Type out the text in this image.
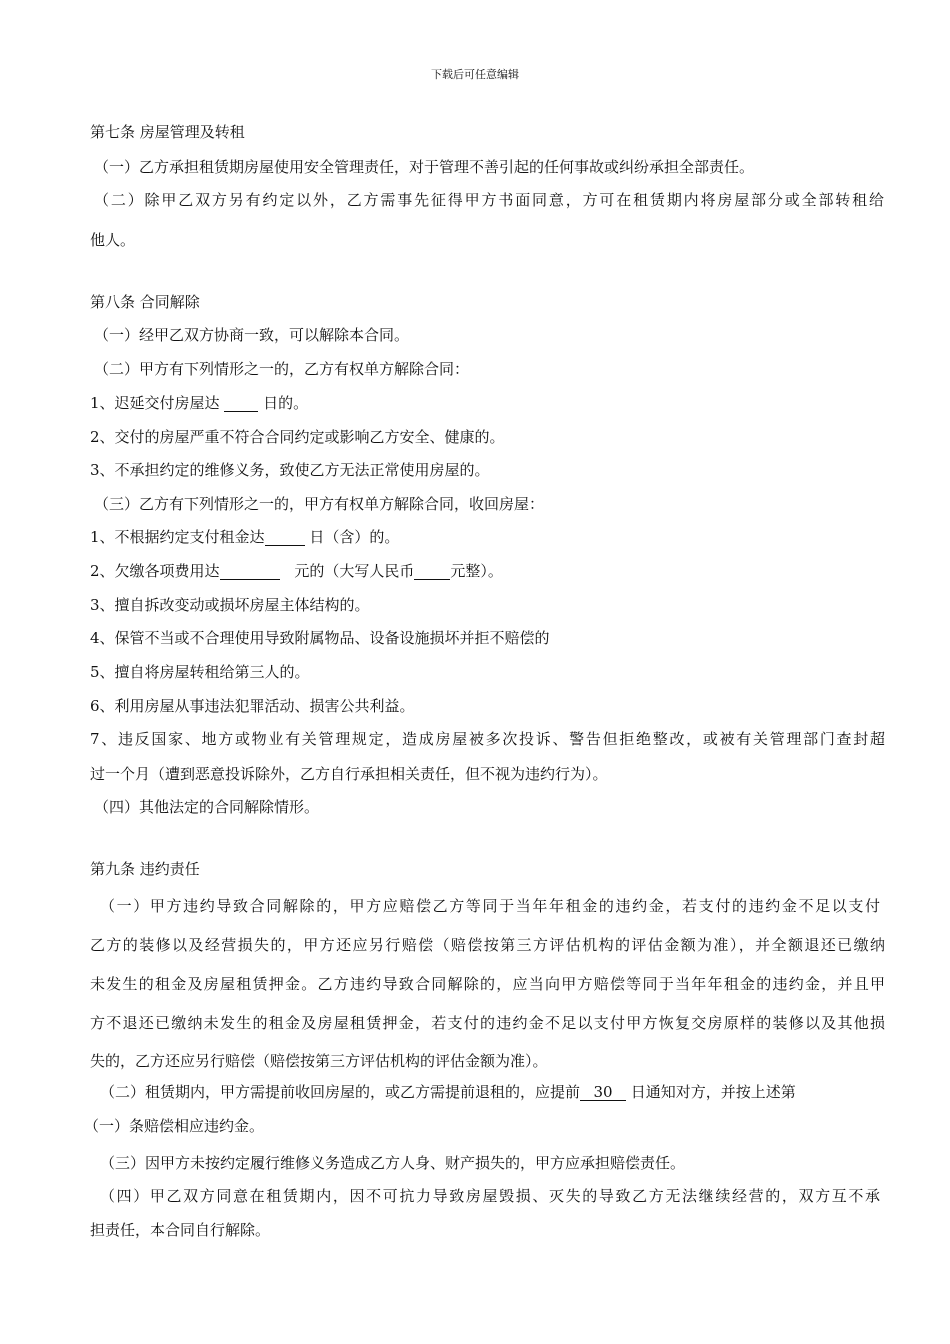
下载后可任意编辑
第七条 房屋管理及转租
（一）乙方承担租赁期房屋使用安全管理责任，对于管理不善引起的任何事故或纠纷承担全部责任。
（二）除甲乙双方另有约定以外，乙方需事先征得甲方书面同意，方可在租赁期内将房屋部分或全部转租给
他人。
第八条 合同解除
（一）经甲乙双方协商一致，可以解除本合同。
（二）甲方有下列情形之一的，乙方有权单方解除合同：
1、迟延交付房屋达   日的。
2、交付的房屋严重不符合合同约定或影响乙方安全、健康的。
3、不承担约定的维修义务，致使乙方无法正常使用房屋的。
（三）乙方有下列情形之一的，甲方有权单方解除合同，收回房屋：
1、不根据约定支付租金达	日（含）的。
2、欠缴各项费用达	元的（大写人民币 元整）。
3、擅自拆改变动或损坏房屋主体结构的。
4、保管不当或不合理使用导致附属物品、设备设施损坏并拒不赔偿的
5、擅自将房屋转租给第三人的。
6、利用房屋从事违法犯罪活动、损害公共利益。
7、违反国家、地方或物业有关管理规定，造成房屋被多次投诉、警告但拒绝整改，或被有关管理部门查封超
过一个月（遭到恶意投诉除外，乙方自行承担相关责任，但不视为违约行为）。
（四）其他法定的合同解除情形。
第九条 违约责任
（一）甲方违约导致合同解除的，甲方应赔偿乙方等同于当年年租金的违约金，若支付的违约金不足以支付
乙方的装修以及经营损失的，甲方还应另行赔偿（赔偿按第三方评估机构的评估金额为准），并全额退还已缴纳
未发生的租金及房屋租赁押金。乙方违约导致合同解除的，应当向甲方赔偿等同于当年年租金的违约金，并且甲
方不退还已缴纳未发生的租金及房屋租赁押金，若支付的违约金不足以支付甲方恢复交房原样的装修以及其他损
失的，乙方还应另行赔偿（赔偿按第三方评估机构的评估金额为准）。
（二）租赁期内，甲方需提前收回房屋的，或乙方需提前退租的，应提前 30 日通知对方，并按上述第
（一）条赔偿相应违约金。
（三）因甲方未按约定履行维修义务造成乙方人身、财产损失的，甲方应承担赔偿责任。
（四）甲乙双方同意在租赁期内，因不可抗力导致房屋毁损、灭失的导致乙方无法继续经营的，双方互不承
担责任，本合同自行解除。
